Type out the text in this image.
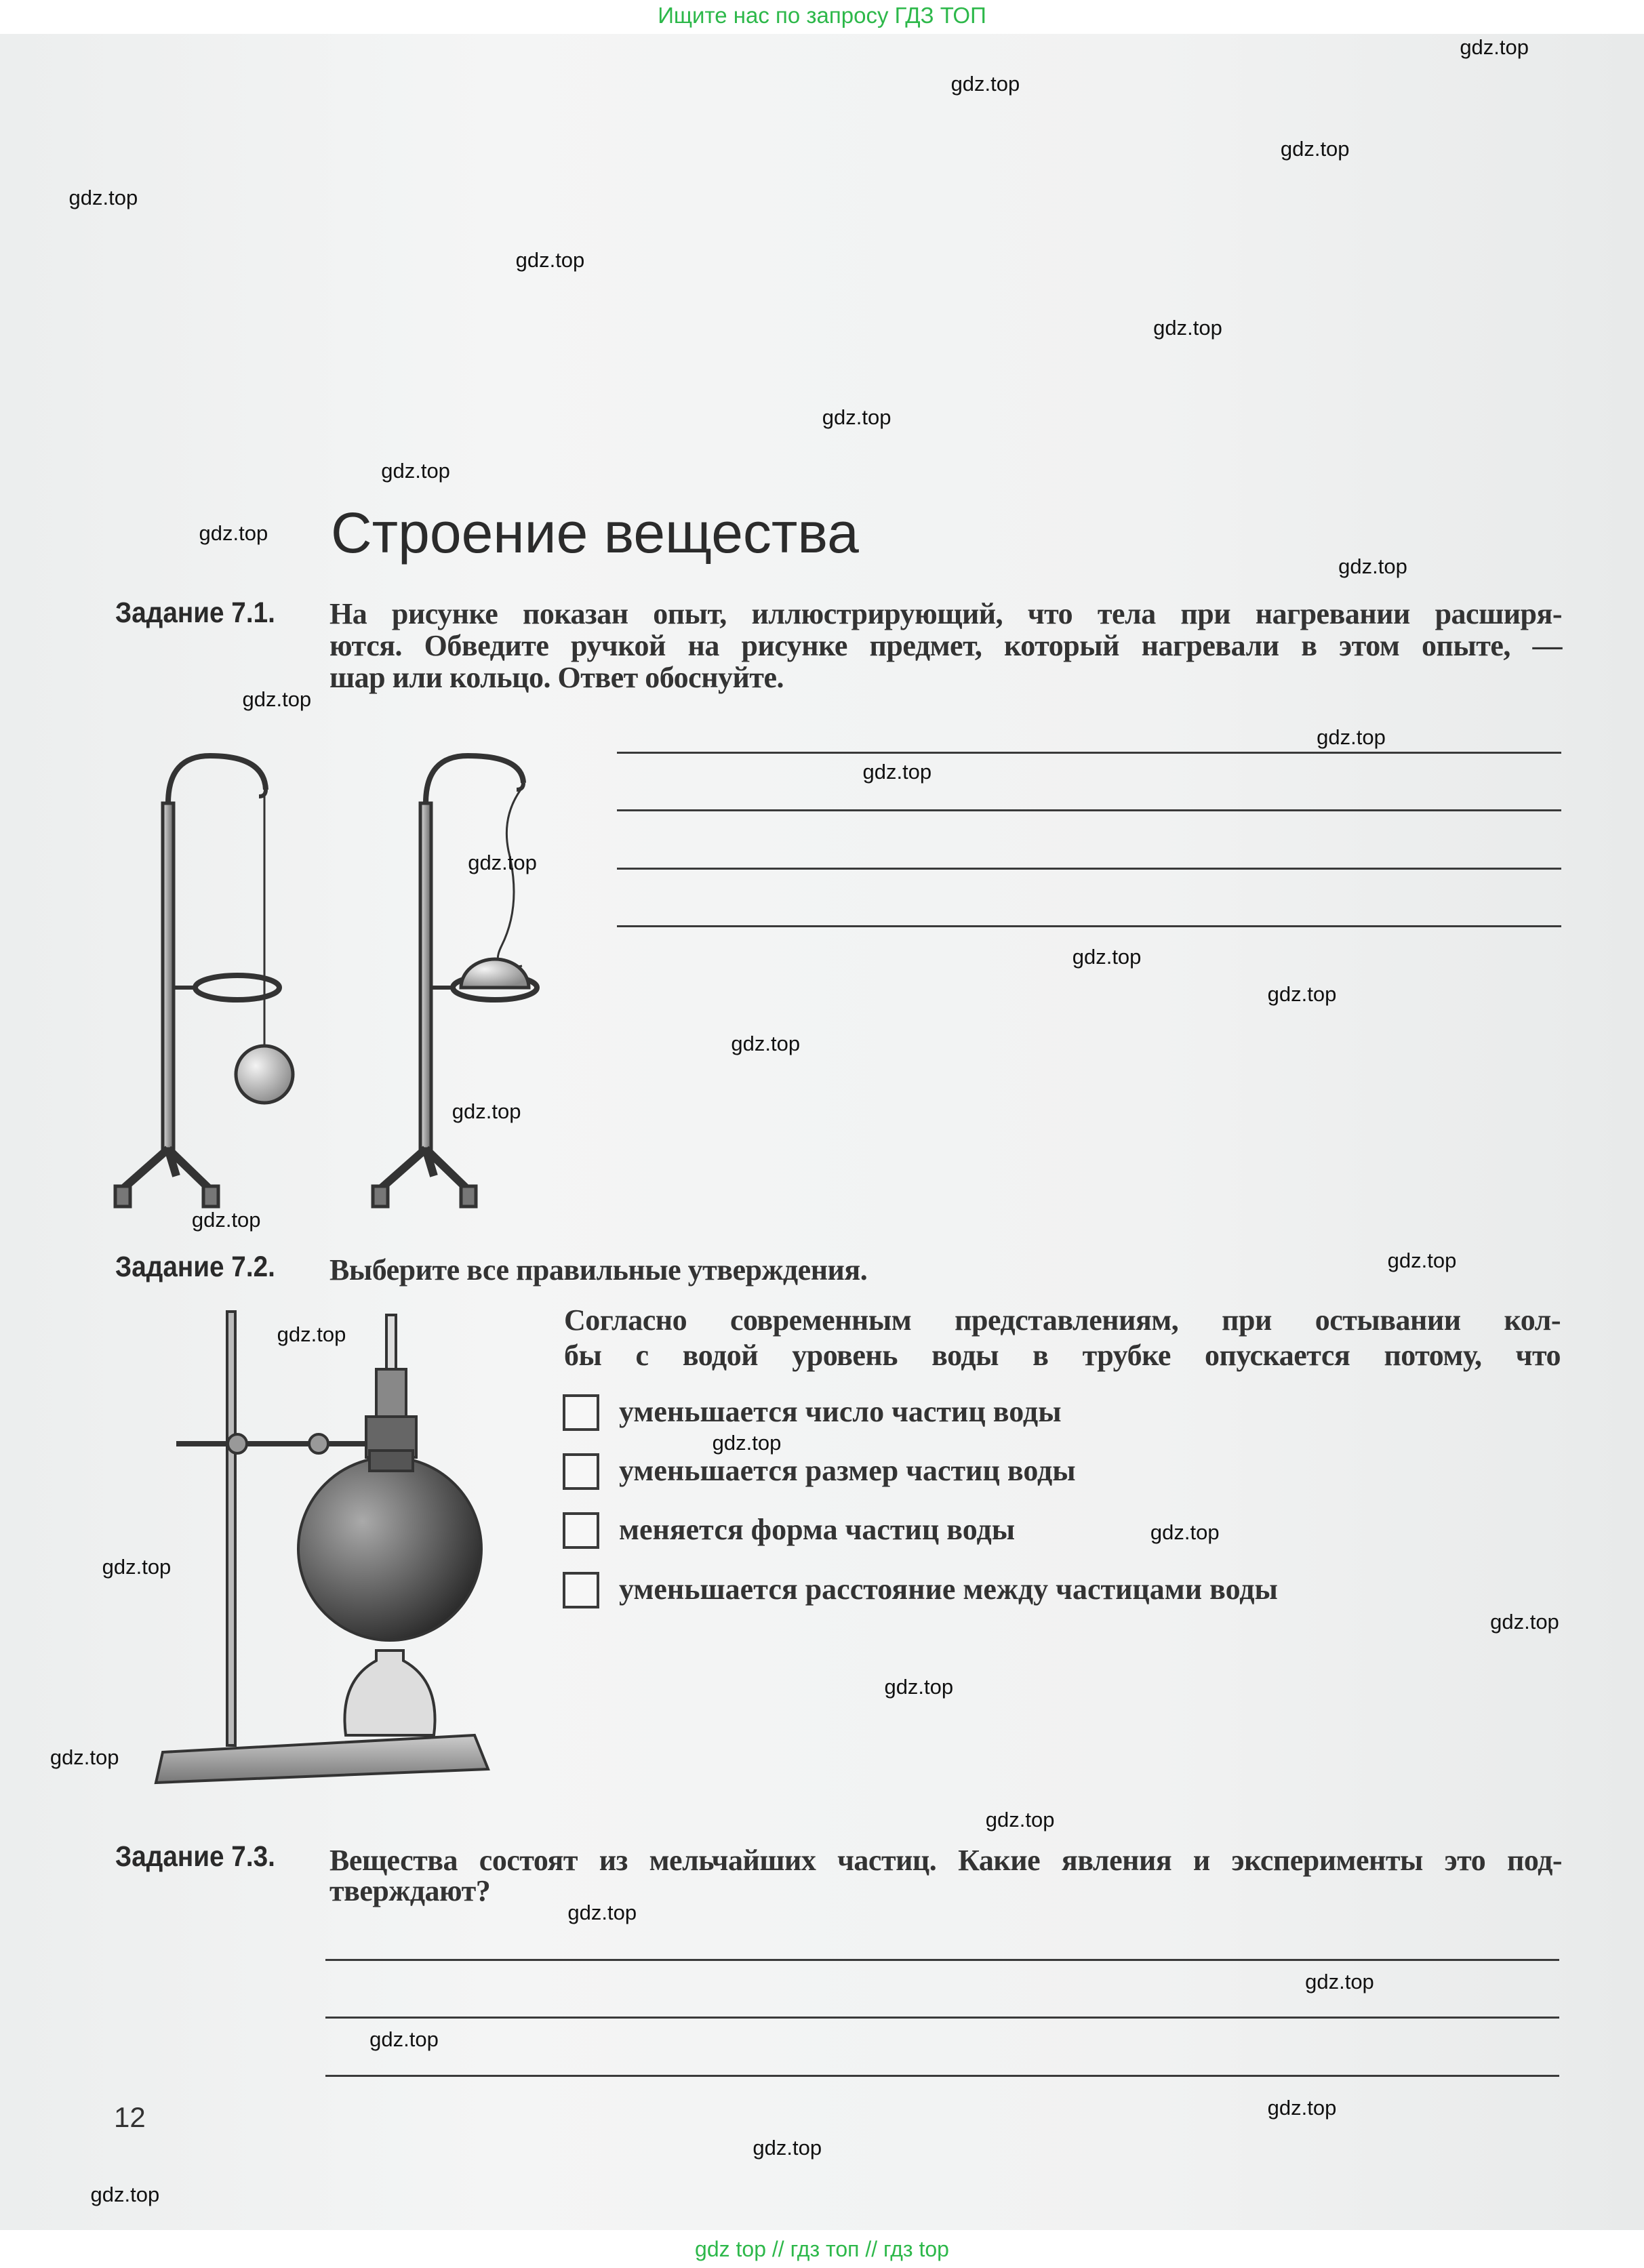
Ищите нас по запросу ГДЗ ТОП
Строение вещества
Задание 7.1. На рисунке показан опыт, иллюстрирующий, что тела при нагревании расширя-
ются. Обведите ручкой на рисунке предмет, который нагревали в этом опыте, —
шар или кольцо. Ответ обоснуйте.
Задание 7.2. Выберите все правильные утверждения.
Согласно современным представлениям, при остывании кол-
бы с водой уровень воды в трубке опускается потому, что
уменьшается число частиц воды
уменьшается размер частиц воды
меняется форма частиц воды
уменьшается расстояние между частицами воды
Задание 7.3. Вещества состоят из мельчайших частиц. Какие явления и эксперименты это под-
тверждают?
12
gdz top // гдз топ // гдз top
gdz.top
gdz.top
gdz.top
gdz.top
gdz.top
gdz.top
gdz.top
gdz.top
gdz.top
gdz.top
gdz.top
gdz.top
gdz.top
gdz.top
gdz.top
gdz.top
gdz.top
gdz.top
gdz.top
gdz.top
gdz.top
gdz.top
gdz.top
gdz.top
gdz.top
gdz.top
gdz.top
gdz.top
gdz.top
gdz.top
gdz.top
gdz.top
gdz.top
gdz.top
